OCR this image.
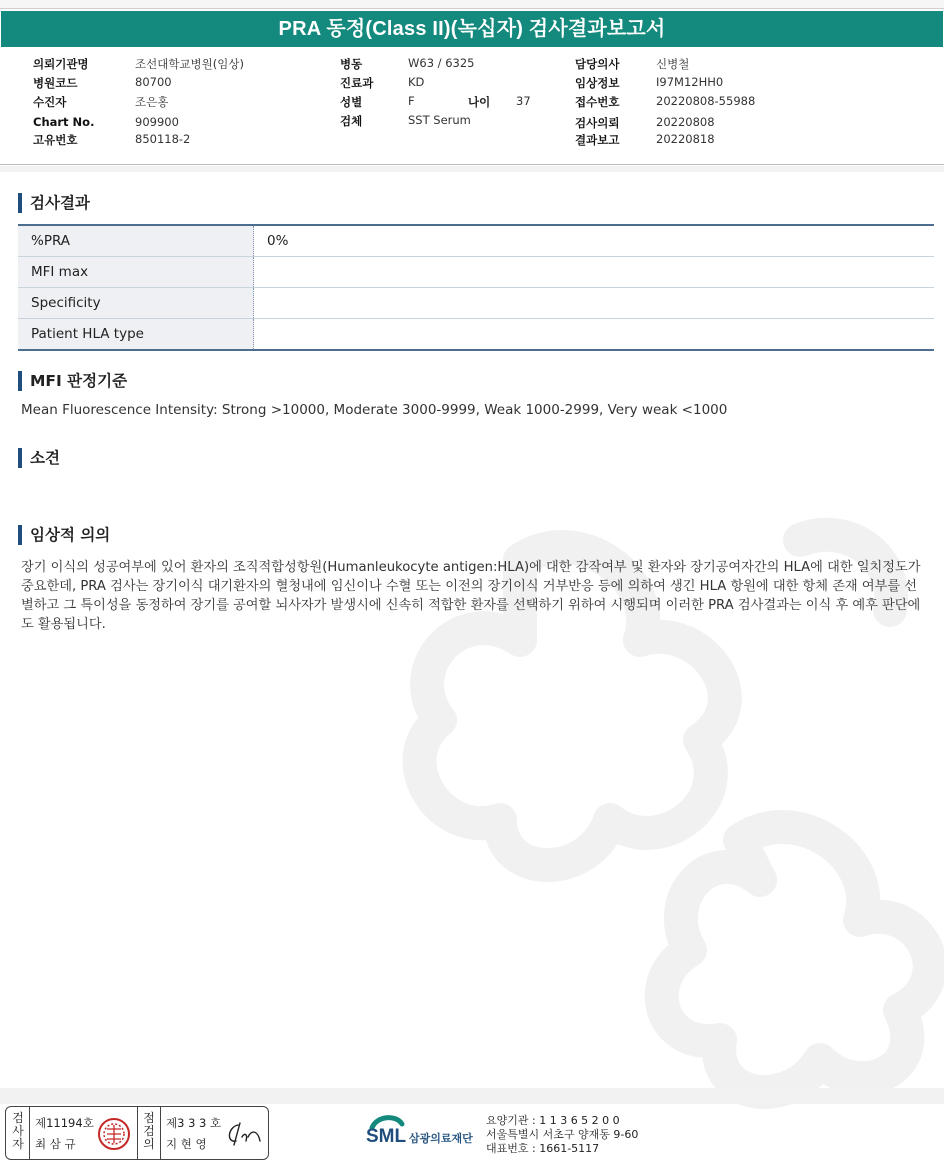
PRA 동정(Class II)(녹십자) 검사결과보고서
의뢰기관명	조선대학교병원(임상)
병원코드	80700
수진자	조은홍
Chart No.	909900
고유번호	850118-2
병동	W63 / 6325
진료과	KD
성별	F	나이 37
검체	SST Serum
담당의사	신병철
임상정보	I97M12HH0
접수번호	20220808-55988
검사의뢰	20220808
결과보고	20220818
검사결과
%PRA	0%
MFI max	
Specificity	
Patient HLA type	
MFI 판정기준
Mean Fluorescence Intensity: Strong >10000, Moderate 3000-9999, Weak 1000-2999, Very weak <1000
소견
임상적 의의
장기 이식의 성공여부에 있어 환자의 조직적합성항원(Humanleukocyte antigen:HLA)에 대한 감작여부 및 환자와 장기공여자간의 HLA에 대한 일치정도가 중요한데, PRA 검사는 장기이식 대기환자의 혈청내에 임신이나 수혈 또는 이전의 장기이식 거부반응 등에 의하여 생긴 HLA 항원에 대한 항체 존재 여부를 선별하고 그 특이성을 동정하여 장기를 공여할 뇌사자가 발생시에 신속히 적합한 환자를 선택하기 위하여 시행되며 이러한 PRA 검사결과는 이식 후 예후 판단에도 활용됩니다.
검
사
자
제11194호
최 삼 규
점
검
의
제3 3 3 호
지 현 영	SML 삼광의료재단
요양기관 : 1 1 3 6 5 2 0 0
서울특별시 서초구 양재동 9-60
대표번호 : 1661-5117
